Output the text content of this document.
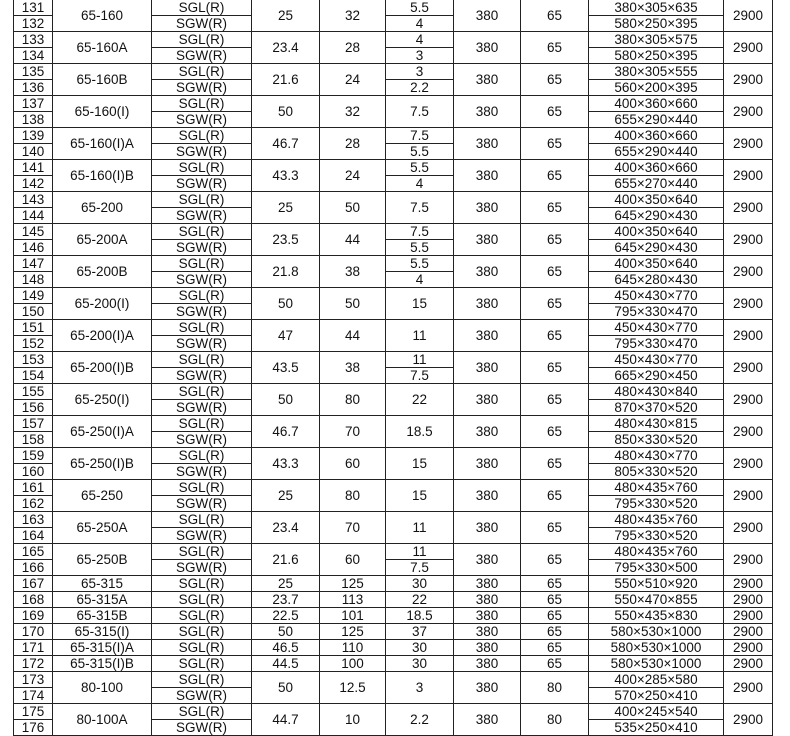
131	65-160	SGL(R)	25	32	5.5	380	65	380×305×635	2900
132		SGW(R)			4			580×250×395	
133	65-160A	SGL(R)	23.4	28	4	380	65	380×305×575	2900
134		SGW(R)			3			580×250×395	
135	65-160B	SGL(R)	21.6	24	3	380	65	380×305×555	2900
136		SGW(R)			2.2			560×200×395	
137	65-160(I)	SGL(R)	50	32	7.5	380	65	400×360×660	2900
138		SGW(R)						655×290×440	
139	65-160(I)A	SGL(R)	46.7	28	7.5	380	65	400×360×660	2900
140		SGW(R)			5.5			655×290×440	
141	65-160(I)B	SGL(R)	43.3	24	5.5	380	65	400×360×660	2900
142		SGW(R)			4			655×270×440	
143	65-200	SGL(R)	25	50	7.5	380	65	400×350×640	2900
144		SGW(R)						645×290×430	
145	65-200A	SGL(R)	23.5	44	7.5	380	65	400×350×640	2900
146		SGW(R)			5.5			645×290×430	
147	65-200B	SGL(R)	21.8	38	5.5	380	65	400×350×640	2900
148		SGW(R)			4			645×280×430	
149	65-200(I)	SGL(R)	50	50	15	380	65	450×430×770	2900
150		SGW(R)						795×330×470	
151	65-200(I)A	SGL(R)	47	44	11	380	65	450×430×770	2900
152		SGW(R)						795×330×470	
153	65-200(I)B	SGL(R)	43.5	38	11	380	65	450×430×770	2900
154		SGW(R)			7.5			665×290×450	
155	65-250(I)	SGL(R)	50	80	22	380	65	480×430×840	2900
156		SGW(R)						870×370×520	
157	65-250(I)A	SGL(R)	46.7	70	18.5	380	65	480×430×815	2900
158		SGW(R)						850×330×520	
159	65-250(I)B	SGL(R)	43.3	60	15	380	65	480×430×770	2900
160		SGW(R)						805×330×520	
161	65-250	SGL(R)	25	80	15	380	65	480×435×760	2900
162		SGW(R)						795×330×520	
163	65-250A	SGL(R)	23.4	70	11	380	65	480×435×760	2900
164		SGW(R)						795×330×520	
165	65-250B	SGL(R)	21.6	60	11	380	65	480×435×760	2900
166		SGW(R)			7.5			795×330×500	
167	65-315	SGL(R)	25	125	30	380	65	550×510×920	2900
168	65-315A	SGL(R)	23.7	113	22	380	65	550×470×855	2900
169	65-315B	SGL(R)	22.5	101	18.5	380	65	550×435×830	2900
170	65-315(I)	SGL(R)	50	125	37	380	65	580×530×1000	2900
171	65-315(I)A	SGL(R)	46.5	110	30	380	65	580×530×1000	2900
172	65-315(I)B	SGL(R)	44.5	100	30	380	65	580×530×1000	2900
173	80-100	SGL(R)	50	12.5	3	380	80	400×285×580	2900
174		SGW(R)						570×250×410	
175	80-100A	SGL(R)	44.7	10	2.2	380	80	400×245×540	2900
176		SGW(R)						535×250×410	
